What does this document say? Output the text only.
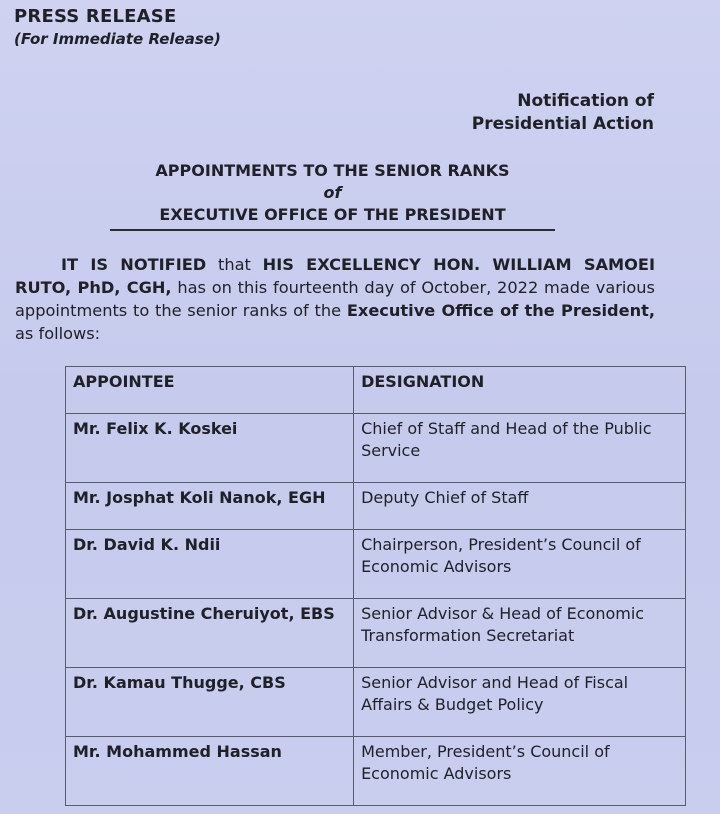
PRESS RELEASE
(For Immediate Release)
Notification of
Presidential Action
APPOINTMENTS TO THE SENIOR RANKS
of
EXECUTIVE OFFICE OF THE PRESIDENT
IT IS NOTIFIED that HIS EXCELLENCY HON. WILLIAM SAMOEI RUTO, PhD, CGH, has on this fourteenth day of October, 2022 made various appointments to the senior ranks of the Executive Office of the President, as follows:
APPOINTEE	DESIGNATION
Mr. Felix K. Koskei	Chief of Staff and Head of the Public Service
Mr. Josphat Koli Nanok, EGH	Deputy Chief of Staff
Dr. David K. Ndii	Chairperson, President’s Council of Economic Advisors
Dr. Augustine Cheruiyot, EBS	Senior Advisor & Head of Economic Transformation Secretariat
Dr. Kamau Thugge, CBS	Senior Advisor and Head of Fiscal Affairs & Budget Policy
Mr. Mohammed Hassan	Member, President’s Council of Economic Advisors
